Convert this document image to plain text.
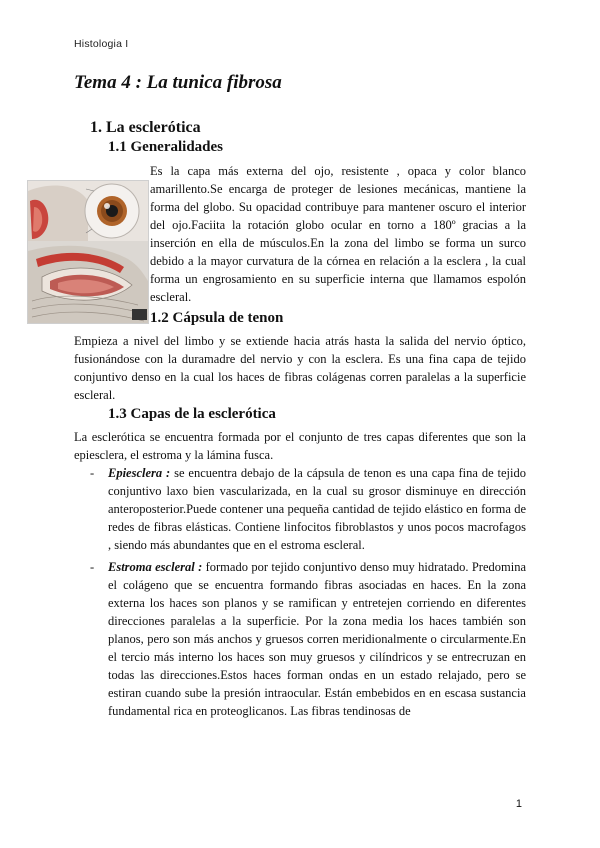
Histologia I
Tema 4 : La tunica fibrosa
1. La esclerótica
1.1 Generalidades
Es la capa más externa del ojo, resistente , opaca y color blanco amarillento.Se encarga de proteger de lesiones mecánicas, mantiene la forma del globo. Su opacidad contribuye para mantener oscuro el interior del ojo.Faciita la rotación globo ocular en torno a 180º gracias a la inserción en ella de músculos.En la zona del limbo se forma un surco debido a la mayor curvatura de la córnea en relación a la esclera , la cual forma un engrosamiento en su superficie interna que llamamos espolón escleral.
1.2 Cápsula de tenon
Empieza a nivel del limbo y se extiende hacia atrás hasta la salida del nervio óptico, fusionándose con la duramadre del nervio y con la esclera. Es una fina capa de tejido conjuntivo denso en la cual los haces de fibras colágenas corren paralelas a la superficie escleral.
1.3 Capas de la esclerótica
La esclerótica se encuentra formada por el conjunto de tres capas diferentes que son la epiesclera, el estroma y la lámina fusca.
- Epiesclera : se encuentra debajo de la cápsula de tenon es una capa fina de tejido conjuntivo laxo bien vascularizada, en la cual su grosor disminuye en dirección anteroposterior.Puede contener una pequeña cantidad de tejido elástico en forma de redes de fibras elásticas. Contiene linfocitos fibroblastos y unos pocos macrofagos , siendo más abundantes que en el estroma escleral.
- Estroma escleral : formado por tejido conjuntivo denso muy hidratado. Predomina el colágeno que se encuentra formando fibras asociadas en haces. En la zona externa los haces son planos y se ramifican y entretejen corriendo en diferentes direcciones paralelas a la superficie. Por la zona media los haces también son planos, pero son más anchos y gruesos corren meridionalmente o circularmente.En el tercio más interno los haces son muy gruesos y cilíndricos y se entrecruzan en todas las direcciones.Estos haces forman ondas en un estado relajado, pero se estiran cuando sube la presión intraocular. Están embebidos en en escasa sustancia fundamental rica en proteoglicanos. Las fibras tendinosas de
1
